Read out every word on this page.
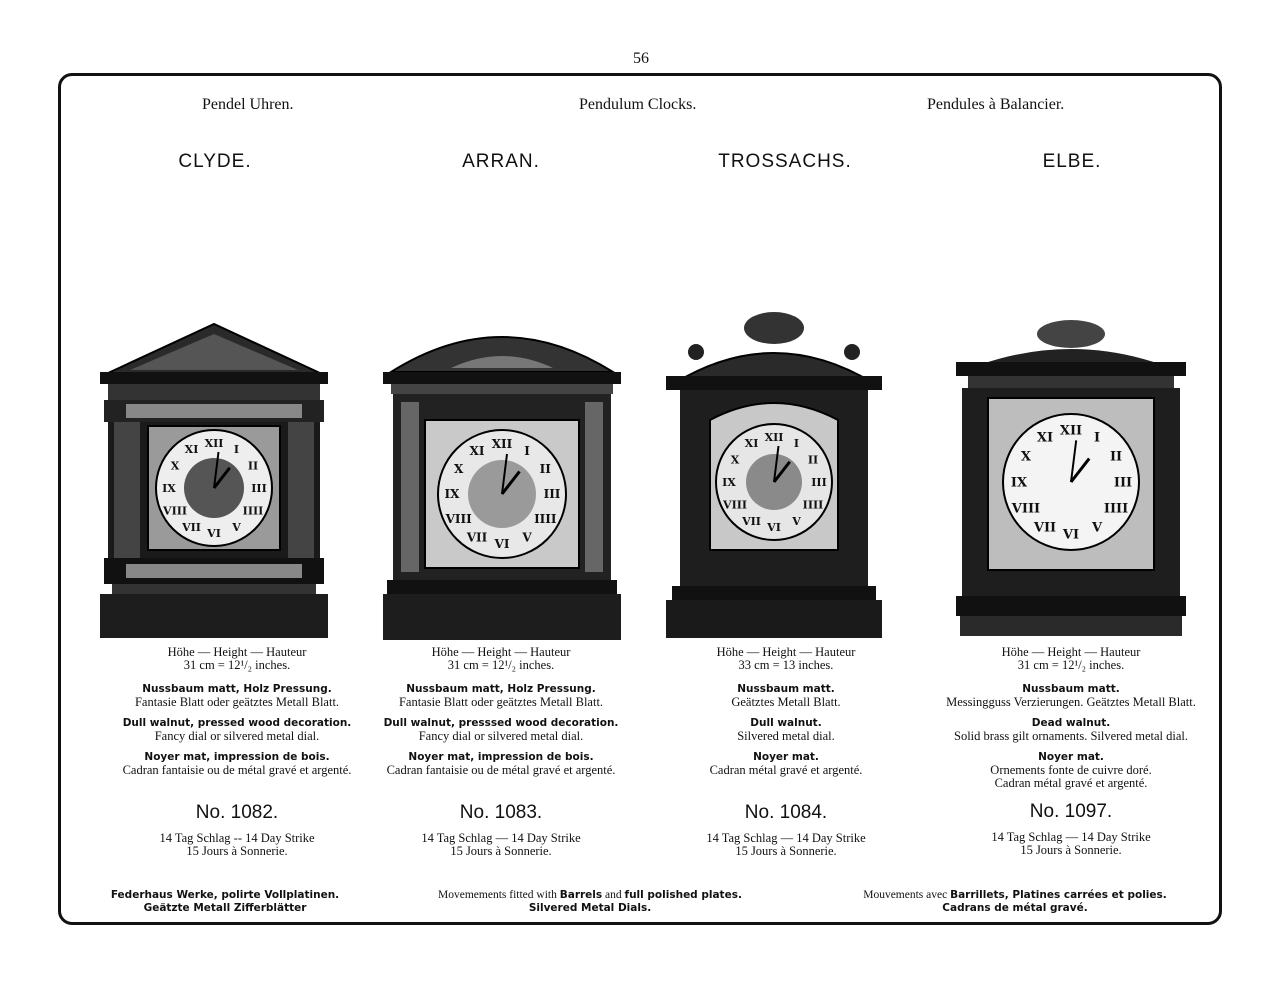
56
Pendel Uhren.	Pendulum Clocks.	Pendules à Balancier.
CLYDE.	ARRAN.	TROSSACHS.	ELBE.
XII I
II
III
IIII
V
VI
VII
VIII
IX
X
XI	XII I
II
III
IIII
V
VI
VII
VIII
IX
X
XI
XII I
II
III
IIII
V
VI
VII
VIII
IX
X
XI
XII I
II
III
IIII
V
VI
VII
VIII
IX
X
XI
Höhe — Height — Hauteur
31 cm = 12¹/₂ inches.
Nussbaum matt, Holz Pressung.
Fantasie Blatt oder geätztes Metall Blatt.
Dull walnut, pressed wood decoration.
Fancy dial or silvered metal dial.
Noyer mat, impression de bois.
Cadran fantaisie ou de métal gravé et argenté.
No. 1082.
14 Tag Schlag -- 14 Day Strike
15 Jours à Sonnerie.
Höhe — Height — Hauteur
31 cm = 12¹/₂ inches.
Nussbaum matt, Holz Pressung.
Fantasie Blatt oder geätztes Metall Blatt.
Dull walnut, presssed wood decoration.
Fancy dial or silvered metal dial.
Noyer mat, impression de bois.
Cadran fantaisie ou de métal gravé et argenté.
No. 1083.
14 Tag Schlag — 14 Day Strike
15 Jours à Sonnerie.
Höhe — Height — Hauteur
33 cm = 13 inches.
Nussbaum matt.
Geätztes Metall Blatt.
Dull walnut.
Silvered metal dial.
Noyer mat.
Cadran métal gravé et argenté.
No. 1084.
14 Tag Schlag — 14 Day Strike
15 Jours à Sonnerie.
Höhe — Height — Hauteur
31 cm = 12¹/₂ inches.
Nussbaum matt.
Messingguss Verzierungen. Geätztes Metall Blatt.
Dead walnut.
Solid brass gilt ornaments. Silvered metal dial.
Noyer mat.
Ornements fonte de cuivre doré.
Cadran métal gravé et argenté.
No. 1097.
14 Tag Schlag — 14 Day Strike
15 Jours à Sonnerie.
Federhaus Werke, polirte Vollplatinen.
Geätzte Metall Zifferblätter
Movemements fitted with Barrels and full polished plates.
Silvered Metal Dials.
Mouvements avec Barrillets, Platines carrées et polies.
Cadrans de métal gravé.
